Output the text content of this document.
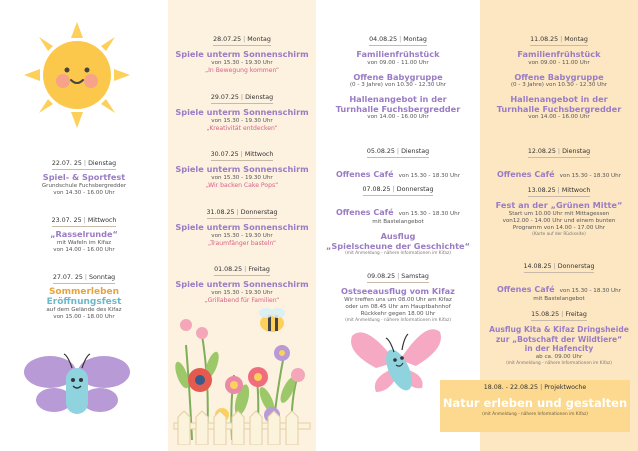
22.07. 25 | Dienstag
Spiel- & Sportfest
Grundschule Fuchsbergredder
von 14.30 - 16.00 Uhr
23.07. 25 | Mittwoch
„Rasselrunde“
mit Wafeln im Kifaz
von 14.00 - 16.00 Uhr
27.07. 25 | Sonntag
Sommerleben
Eröffnungsfest
auf dem Gelände des Kifaz
von 15.00 - 18.00 Uhr
28.07.25 | Montag
Spiele unterm Sonnenschirm
von 15.30 - 19.30 Uhr
„In Bewegung kommen“
29.07.25 | Dienstag
Spiele unterm Sonnenschirm
von 15.30 - 19.30 Uhr
„Kreativität entdecken“
30.07.25 | Mittwoch
Spiele unterm Sonnenschirm
von 15.30 - 19.30 Uhr
„Wir backen Cake Pops“
31.08.25 | Donnerstag
Spiele unterm Sonnenschirm
von 15.30 - 19.30 Uhr
„Traumfänger basteln“
01.08.25 | Freitag
Spiele unterm Sonnenschirm
von 15.30 - 19.30 Uhr
„Grillabend für Familien“
04.08.25 | Montag
Familienfrühstück
von 09.00 - 11.00 Uhr
Offene Babygruppe
(0 - 3 Jahre) von 10.30 - 12.30 Uhr
Hallenangebot in der
Turnhalle Fuchsbergredder
von 14.00 - 16.00 Uhr
05.08.25 | Dienstag
Offenes Café von 15.30 - 18.30 Uhr
07.08.25 | Donnerstag
Offenes Café von 15.30 - 18.30 Uhr
mit Bastelangebot
Ausflug
„Spielscheune der Geschichte“
(mit Anmeldung - nähere Informationen im Kifaz)
09.08.25 | Samstag
Ostseeausflug vom Kifaz
Wir treffen uns um 08.00 Uhr am Kifaz
oder um 08.45 Uhr am Hauptbahnhof
Rückkehr gegen 18.00 Uhr
(mit Anmeldung - nähere Informationen im Kifaz)
11.08.25 | Montag
Familienfrühstück
von 09.00 - 11.00 Uhr
Offene Babygruppe
(0 - 3 Jahre) von 10.30 - 12.30 Uhr
Hallenangebot in der
Turnhalle Fuchsbergredder
von 14.00 - 16.00 Uhr
12.08.25 | Dienstag
Offenes Café von 15.30 - 18.30 Uhr
13.08.25 | Mittwoch
Fest an der „Grünen Mitte“
Start um 10.00 Uhr mit Mittagessen
von12.00 - 14.00 Uhr und einem bunten
Programm von 14.00 - 17.00 Uhr
(Karte auf der Rückseite)
14.08.25 | Donnerstag
Offenes Café von 15.30 - 18.30 Uhr
mit Bastelangebot
15.08.25 | Freitag
Ausflug Kita & Kifaz Dringsheide
zur „Botschaft der Wildtiere“
in der Hafencity
ab ca. 09.00 Uhr
(mit Anmeldung - nähere Informationen im Kifaz)
18.08. - 22.08.25 | Projektwoche
Natur erleben und gestalten
(mit Anmeldung - nähere Informationen im Kifaz)
